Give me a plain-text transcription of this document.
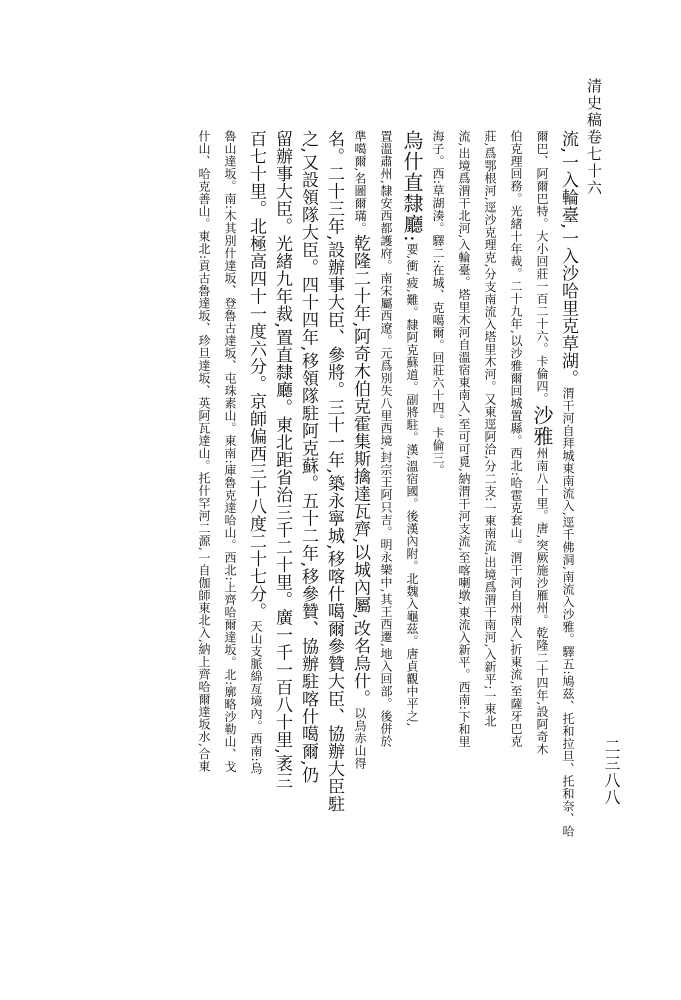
清史稿卷七十六
二三八八
流,一入輪臺,一入沙哈里克草湖。渭干河自拜城東南流入,逕千佛洞,南流入沙雅。驛五:鳩茲、托和拉旦、托和奈、哈
爾巴、阿爾巴特。大小回莊一百二十六。卡倫四。沙雅州南八十里。唐,突厥施沙雁州。乾隆二十四年,設阿奇木
伯克理回務。光緒十年裁。二十九年,以沙雅爾回城置縣。西北:哈雹克套山。渭干河自州南入,折東流,至薩牙巴克
莊,爲鄂根河,逕沙克理克,分支南流入塔里木河。又東逕阿洽,分二支:一東南流,出境爲渭干南河,入新平;一東北
流,出境爲渭干北河,入輪臺。塔里木河自溫宿東南入,至可可覓,納渭干河支流,至喀喇墩,東流入新平。西南:下和里
海子。西:草湖湊。驛二:在城、克噶爾。回莊六十四。卡倫三。
烏什直隸廳:要,衝,疲,難。隸阿克蘇道。副將駐。漢,溫宿國。後漢內附。北魏入龜茲。唐貞觀中平之,
置溫肅州,隸安西都護府。南宋屬西遼。元爲別失八里西境,封宗王阿只吉。明永樂中,其王西遷,地入回部。後併於
準噶爾,名圖爾璊。乾隆二十年,阿奇木伯克霍集斯擒達瓦齊,以城內屬,改名烏什。以烏赤山得
名。二十三年,設辦事大臣、參將。三十一年,築永寧城,移喀什噶爾參贊大臣、協辦大臣駐
之,又設領隊大臣。四十四年,移領隊駐阿克蘇。五十二年,移參贊、協辦駐喀什噶爾,仍
留辦事大臣。光緒九年裁,置直隸廳。東北距省治三千二十里。廣一千一百八十里,袤三
百七十里。北極高四十一度六分。京師偏西三十八度二十七分。天山支脈綿亙境內。西南:烏
魯山達坂。南:木其別什達坂、登魯古達坂、屯珠素山。東南:庫魯克達哈山。西北:上齊哈爾達坂。北:廓略沙勒山、戈
什山、哈克善山。東北:貢古魯達坂、珍旦達坂、英阿瓦達山。托什罕河二源,一自伽師東北入,納上齊哈爾達坂水,合東
